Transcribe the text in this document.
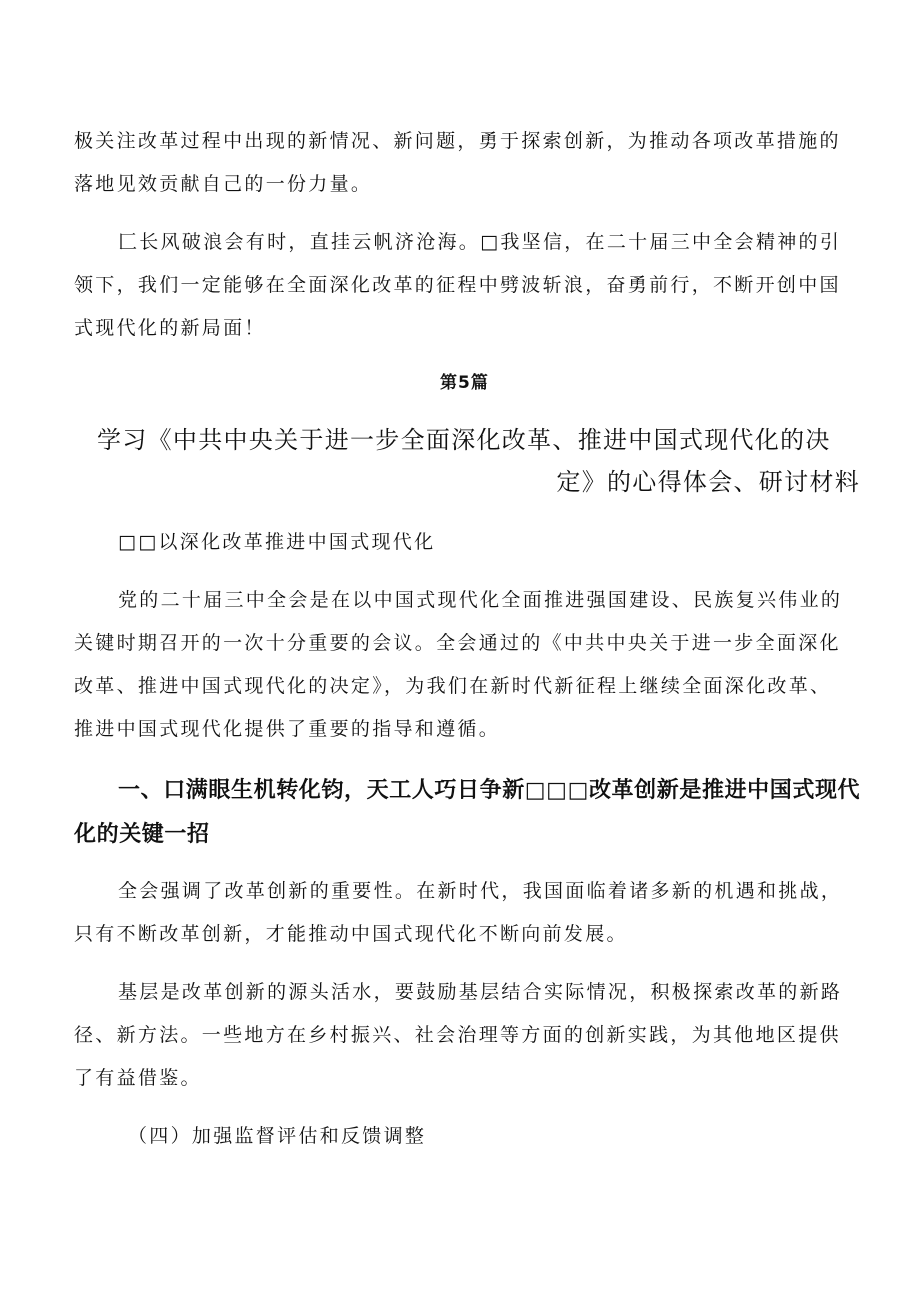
极关注改革过程中出现的新情况、新问题，勇于探索创新，为推动各项改革措施的
落地见效贡献自己的一份力量。
匚长风破浪会有时，直挂云帆济沧海。□我坚信，在二十届三中全会精神的引
领下，我们一定能够在全面深化改革的征程中劈波斩浪，奋勇前行，不断开创中国
式现代化的新局面！
第5篇
学习《中共中央关于进一步全面深化改革、推进中国式现代化的决
定》的心得体会、研讨材料
□□以深化改革推进中国式现代化
党的二十届三中全会是在以中国式现代化全面推进强国建设、民族复兴伟业的
关键时期召开的一次十分重要的会议。全会通过的《中共中央关于进一步全面深化
改革、推进中国式现代化的决定》，为我们在新时代新征程上继续全面深化改革、
推进中国式现代化提供了重要的指导和遵循。
一、口满眼生机转化钧，天工人巧日争新□□□改革创新是推进中国式现代
化的关键一招
全会强调了改革创新的重要性。在新时代，我国面临着诸多新的机遇和挑战，
只有不断改革创新，才能推动中国式现代化不断向前发展。
基层是改革创新的源头活水，要鼓励基层结合实际情况，积极探索改革的新路
径、新方法。一些地方在乡村振兴、社会治理等方面的创新实践，为其他地区提供
了有益借鉴。
（四）加强监督评估和反馈调整
